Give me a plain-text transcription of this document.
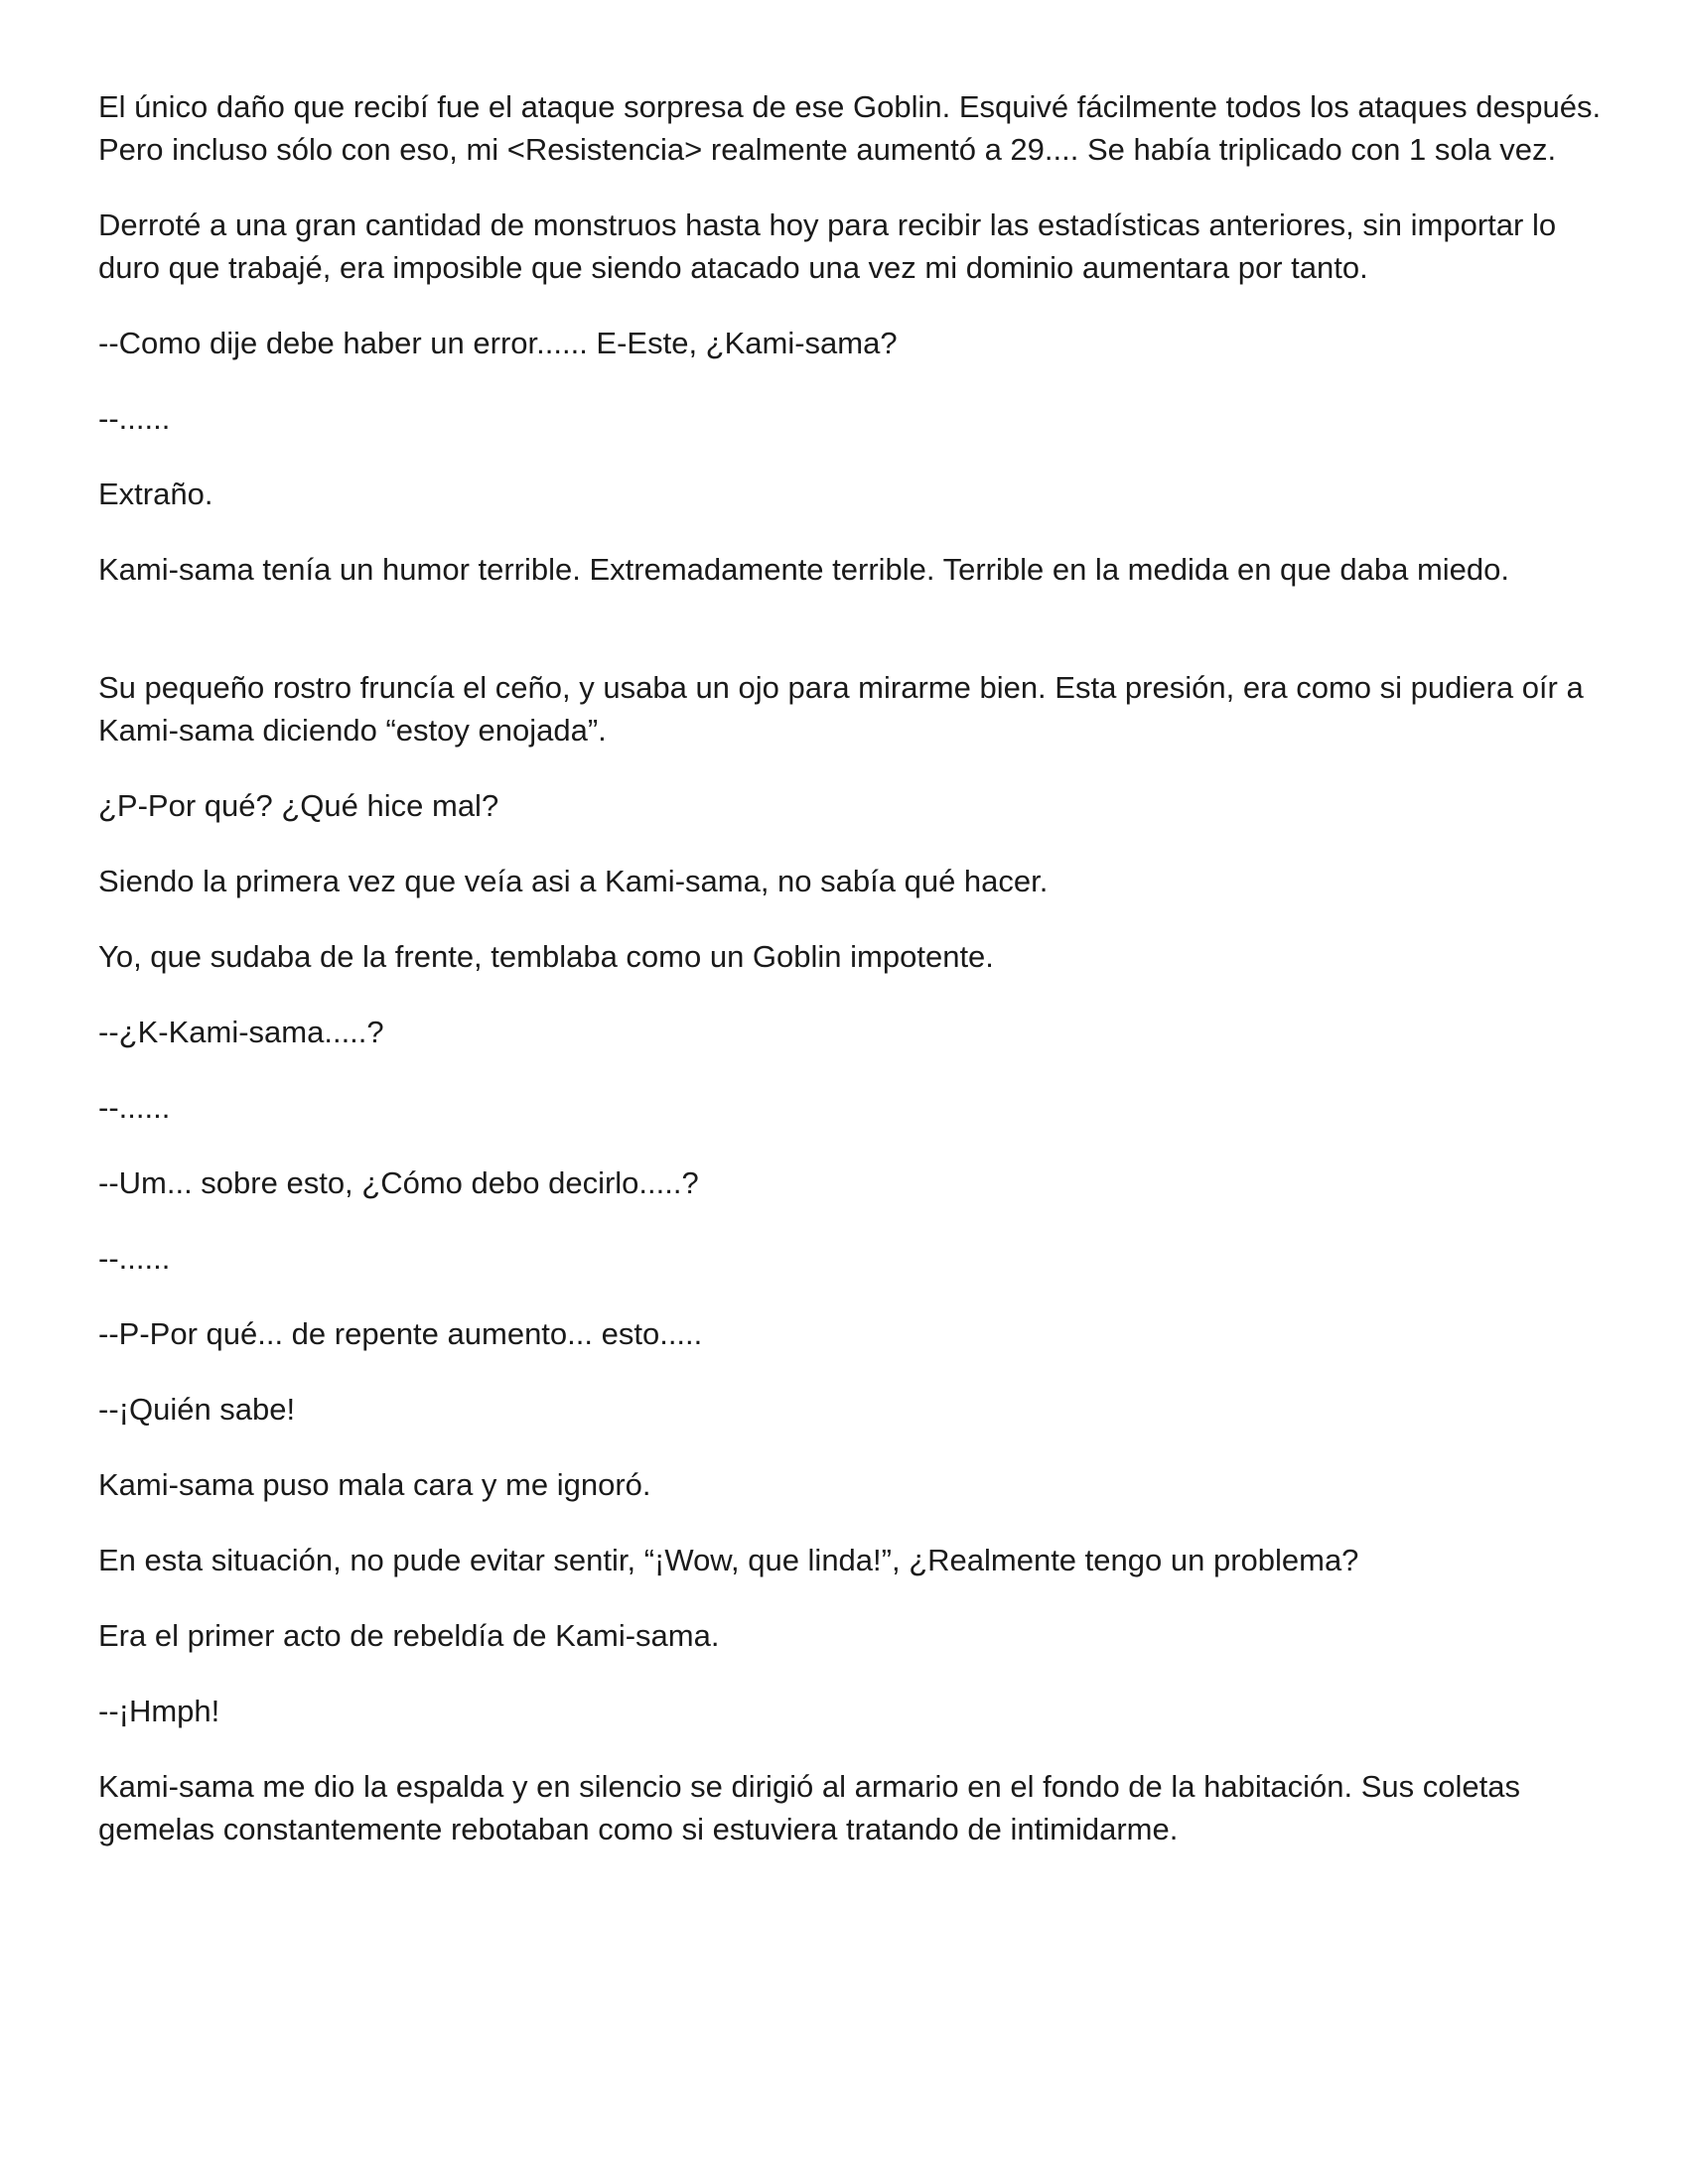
El único daño que recibí fue el ataque sorpresa de ese Goblin. Esquivé fácilmente todos los ataques después. Pero incluso sólo con eso, mi <Resistencia> realmente aumentó a 29.... Se había triplicado con 1 sola vez.

Derroté a una gran cantidad de monstruos hasta hoy para recibir las estadísticas anteriores, sin importar lo duro que trabajé, era imposible que siendo atacado una vez mi dominio aumentara por tanto.

--Como dije debe haber un error...... E-Este, ¿Kami-sama?

--......

Extraño.

Kami-sama tenía un humor terrible. Extremadamente terrible. Terrible en la medida en que daba miedo.

Su pequeño rostro fruncía el ceño, y usaba un ojo para mirarme bien. Esta presión, era como si pudiera oír a Kami-sama diciendo “estoy enojada”.

¿P-Por qué? ¿Qué hice mal?

Siendo la primera vez que veía asi a Kami-sama, no sabía qué hacer.

Yo, que sudaba de la frente, temblaba como un Goblin impotente.

--¿K-Kami-sama.....?

--......

--Um... sobre esto, ¿Cómo debo decirlo.....?

--......

--P-Por qué... de repente aumento... esto.....

--¡Quién sabe!

Kami-sama puso mala cara y me ignoró.

En esta situación, no pude evitar sentir, “¡Wow, que linda!”, ¿Realmente tengo un problema?

Era el primer acto de rebeldía de Kami-sama.

--¡Hmph!

Kami-sama me dio la espalda y en silencio se dirigió al armario en el fondo de la habitación. Sus coletas gemelas constantemente rebotaban como si estuviera tratando de intimidarme.
